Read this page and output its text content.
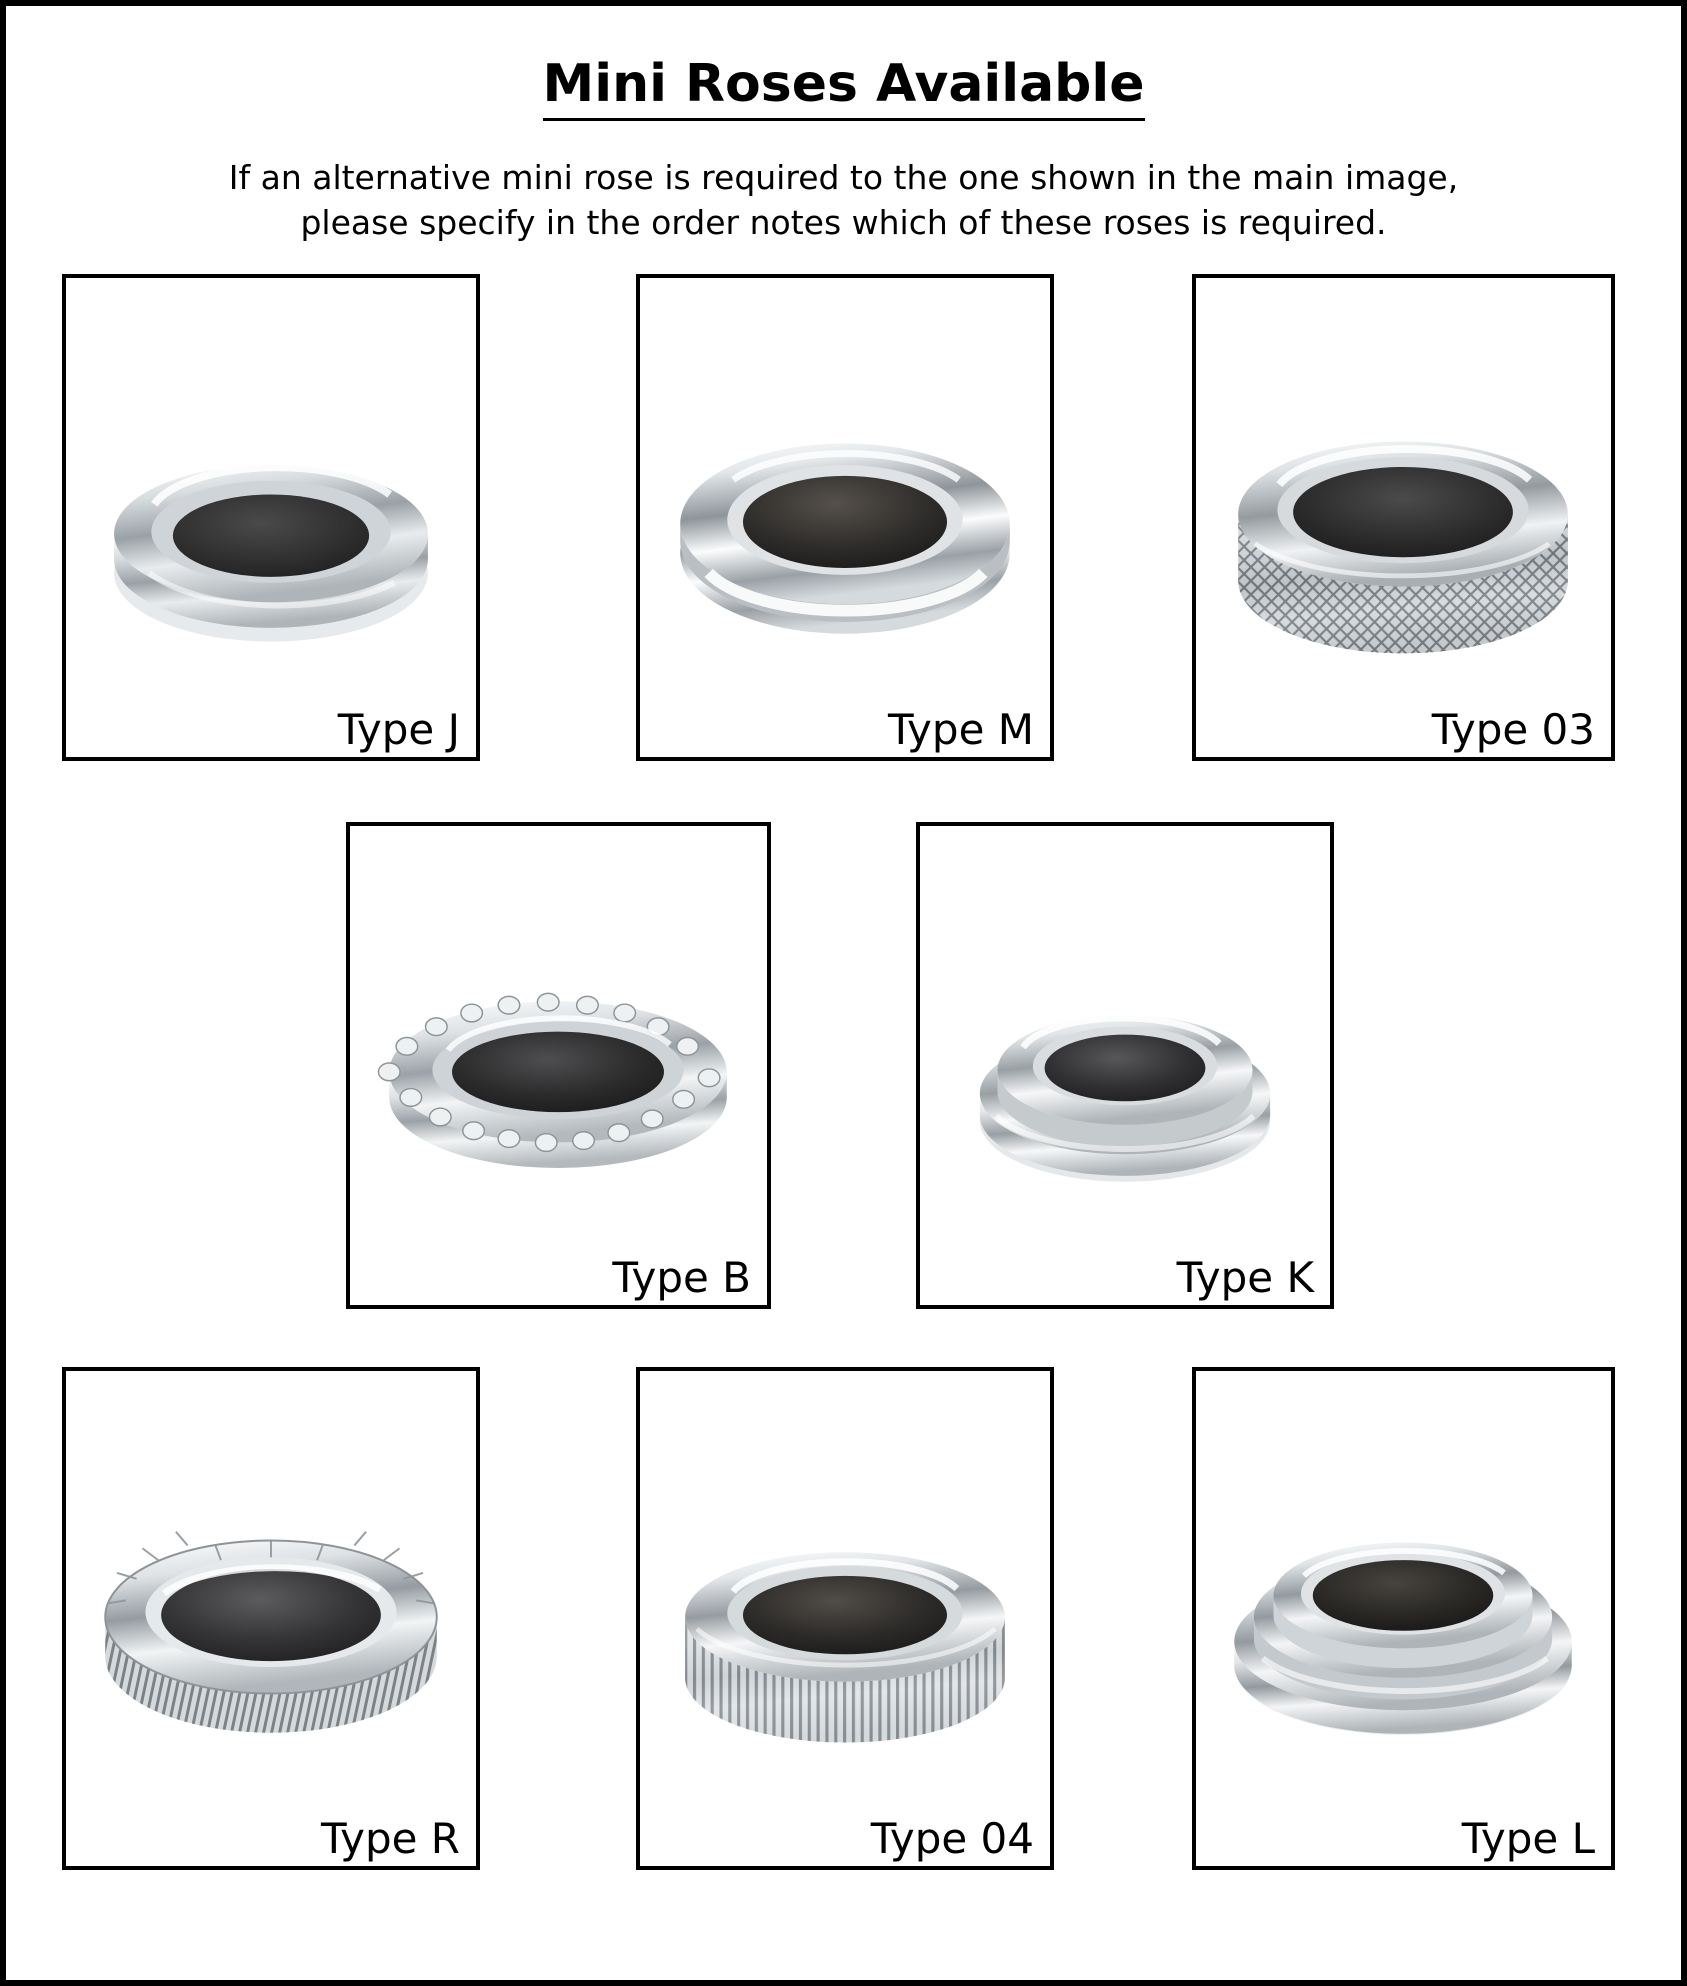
Mini Roses Available
If an alternative mini rose is required to the one shown in the main image, please specify in the order notes which of these roses is required.
Type J	Type M	Type 03
Type B	Type K
Type R	Type 04	Type L
